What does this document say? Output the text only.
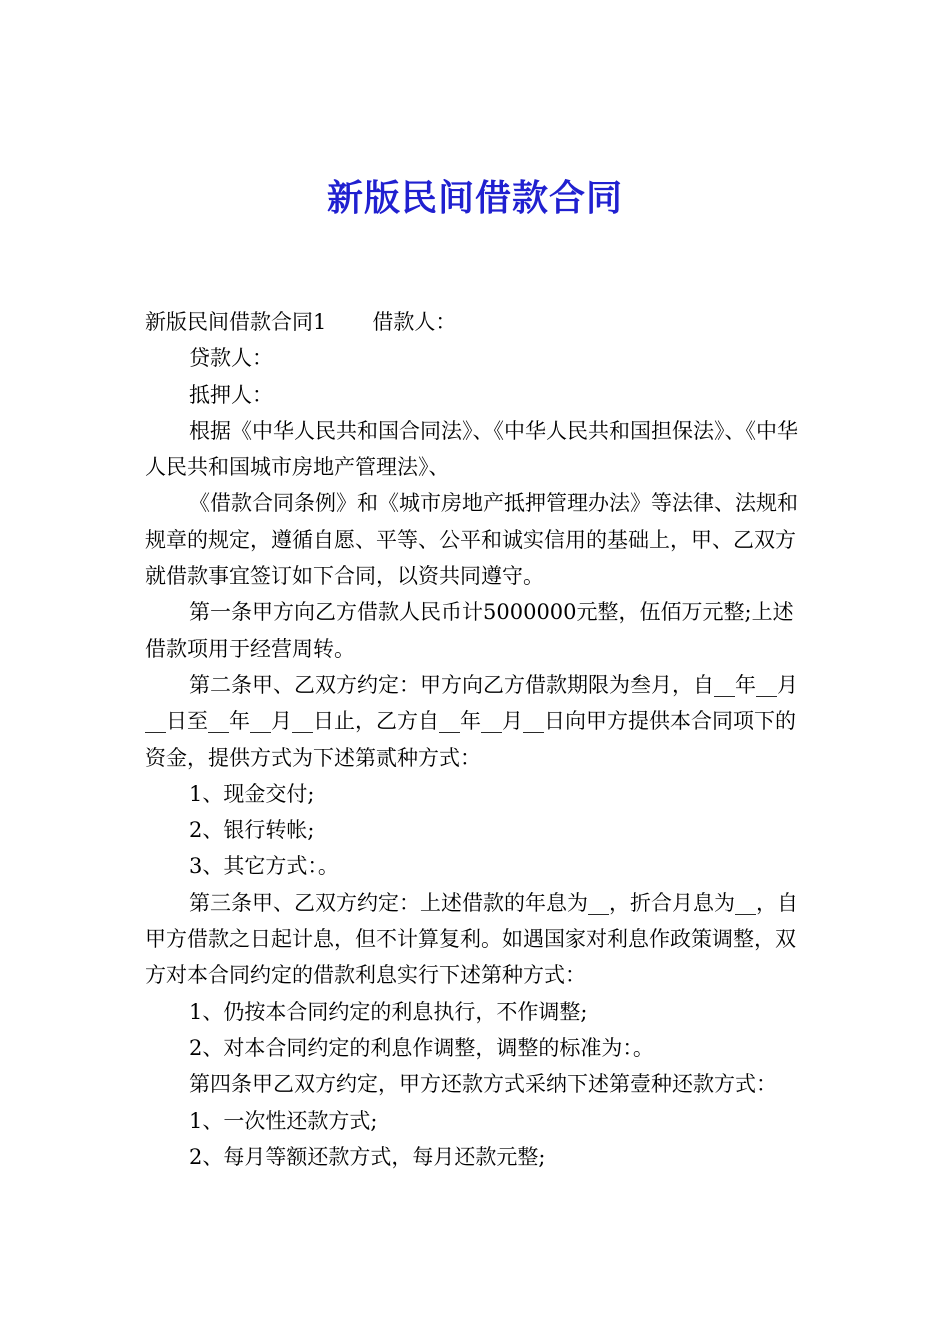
新版民间借款合同

新版民间借款合同1 借款人：

贷款人：

抵押人：

根据《中华人民共和国合同法》、《中华人民共和国担保法》、《中华人民共和国城市房地产管理法》、

《借款合同条例》和《城市房地产抵押管理办法》等法律、法规和规章的规定，遵循自愿、平等、公平和诚实信用的基础上，甲、乙双方就借款事宜签订如下合同，以资共同遵守。

第一条甲方向乙方借款人民币计5000000元整，伍佰万元整;上述借款项用于经营周转。

第二条甲、乙双方约定：甲方向乙方借款期限为叁月，自__年__月__日至__年__月__日止，乙方自__年__月__日向甲方提供本合同项下的资金，提供方式为下述第贰种方式：

1、现金交付;

2、银行转帐;

3、其它方式：。

第三条甲、乙双方约定：上述借款的年息为__，折合月息为__，自甲方借款之日起计息，但不计算复利。如遇国家对利息作政策调整，双方对本合同约定的借款利息实行下述第种方式：

1、仍按本合同约定的利息执行，不作调整;

2、对本合同约定的利息作调整，调整的标准为：。

第四条甲乙双方约定，甲方还款方式采纳下述第壹种还款方式：

1、一次性还款方式;

2、每月等额还款方式，每月还款元整;
